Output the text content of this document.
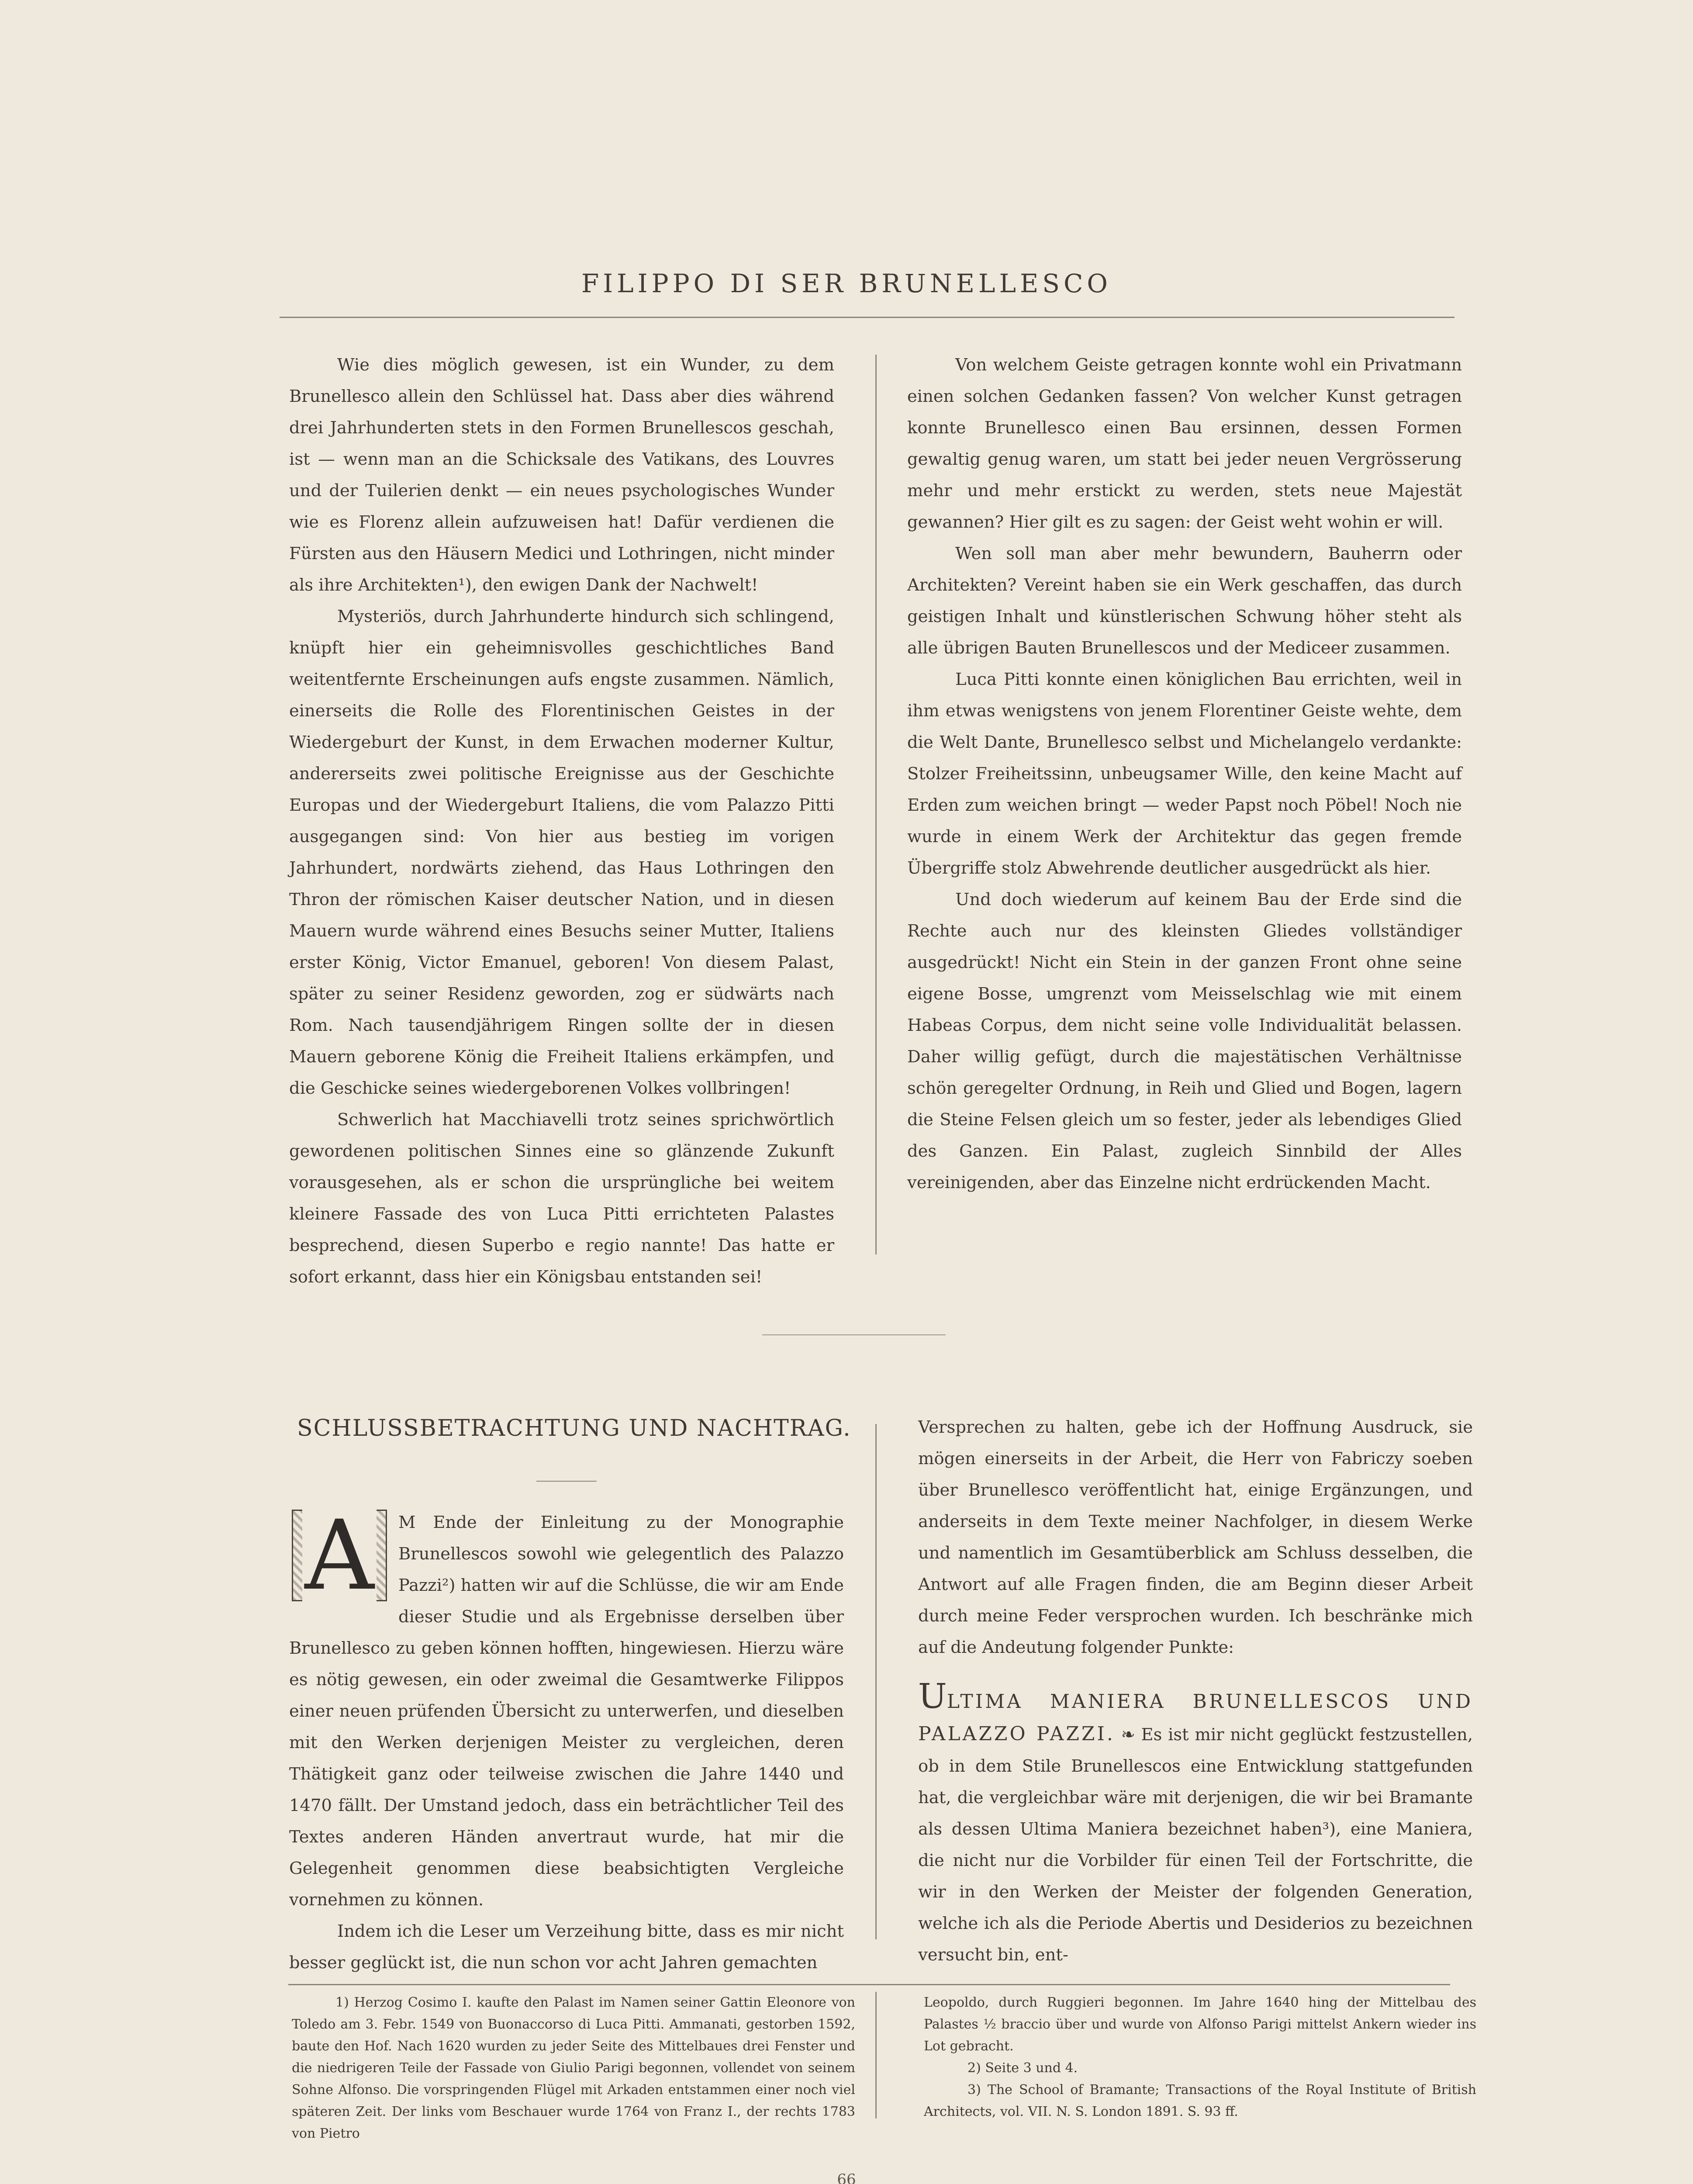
FILIPPO DI SER BRUNELLESCO

Wie dies möglich gewesen, ist ein Wunder, zu dem Brunellesco allein den Schlüssel hat. Dass aber dies während drei Jahrhunderten stets in den Formen Brunellescos geschah, ist — wenn man an die Schicksale des Vatikans, des Louvres und der Tuilerien denkt — ein neues psychologisches Wunder wie es Florenz allein aufzuweisen hat! Dafür verdienen die Fürsten aus den Häusern Medici und Lothringen, nicht minder als ihre Architekten¹), den ewigen Dank der Nachwelt!

Mysteriös, durch Jahrhunderte hindurch sich schlingend, knüpft hier ein geheimnisvolles geschichtliches Band weitentfernte Erscheinungen aufs engste zusammen. Nämlich, einerseits die Rolle des Florentinischen Geistes in der Wiedergeburt der Kunst, in dem Erwachen moderner Kultur, andererseits zwei politische Ereignisse aus der Geschichte Europas und der Wiedergeburt Italiens, die vom Palazzo Pitti ausgegangen sind: Von hier aus bestieg im vorigen Jahrhundert, nordwärts ziehend, das Haus Lothringen den Thron der römischen Kaiser deutscher Nation, und in diesen Mauern wurde während eines Besuchs seiner Mutter, Italiens erster König, Victor Emanuel, geboren! Von diesem Palast, später zu seiner Residenz geworden, zog er südwärts nach Rom. Nach tausendjährigem Ringen sollte der in diesen Mauern geborene König die Freiheit Italiens erkämpfen, und die Geschicke seines wiedergeborenen Volkes vollbringen!

Schwerlich hat Macchiavelli trotz seines sprichwörtlich gewordenen politischen Sinnes eine so glänzende Zukunft vorausgesehen, als er schon die ursprüngliche bei weitem kleinere Fassade des von Luca Pitti errichteten Palastes besprechend, diesen Superbo e regio nannte! Das hatte er sofort erkannt, dass hier ein Königsbau entstanden sei!

Von welchem Geiste getragen konnte wohl ein Privatmann einen solchen Gedanken fassen? Von welcher Kunst getragen konnte Brunellesco einen Bau ersinnen, dessen Formen gewaltig genug waren, um statt bei jeder neuen Vergrösserung mehr und mehr erstickt zu werden, stets neue Majestät gewannen? Hier gilt es zu sagen: der Geist weht wohin er will.

Wen soll man aber mehr bewundern, Bauherrn oder Architekten? Vereint haben sie ein Werk geschaffen, das durch geistigen Inhalt und künstlerischen Schwung höher steht als alle übrigen Bauten Brunellescos und der Mediceer zusammen.

Luca Pitti konnte einen königlichen Bau errichten, weil in ihm etwas wenigstens von jenem Florentiner Geiste wehte, dem die Welt Dante, Brunellesco selbst und Michelangelo verdankte: Stolzer Freiheitssinn, unbeugsamer Wille, den keine Macht auf Erden zum weichen bringt — weder Papst noch Pöbel! Noch nie wurde in einem Werk der Architektur das gegen fremde Übergriffe stolz Abwehrende deutlicher ausgedrückt als hier.

Und doch wiederum auf keinem Bau der Erde sind die Rechte auch nur des kleinsten Gliedes vollständiger ausgedrückt! Nicht ein Stein in der ganzen Front ohne seine eigene Bosse, umgrenzt vom Meisselschlag wie mit einem Habeas Corpus, dem nicht seine volle Individualität belassen. Daher willig gefügt, durch die majestätischen Verhältnisse schön geregelter Ordnung, in Reih und Glied und Bogen, lagern die Steine Felsen gleich um so fester, jeder als lebendiges Glied des Ganzen. Ein Palast, zugleich Sinnbild der Alles vereinigenden, aber das Einzelne nicht erdrückenden Macht.

SCHLUSSBETRACHTUNG UND NACHTRAG.
A	M Ende der Einleitung zu der Monographie Brunellescos sowohl wie gelegentlich des Palazzo Pazzi²) hatten wir auf die Schlüsse, die wir am Ende dieser Studie und als Ergebnisse derselben über Brunellesco zu geben können hofften, hingewiesen. Hierzu wäre es nötig gewesen, ein oder zweimal die Gesamtwerke Filippos einer neuen prüfenden Übersicht zu unterwerfen, und dieselben mit den Werken derjenigen Meister zu vergleichen, deren Thätigkeit ganz oder teilweise zwischen die Jahre 1440 und 1470 fällt. Der Umstand jedoch, dass ein beträchtlicher Teil des Textes anderen Händen anvertraut wurde, hat mir die Gelegenheit genommen diese beabsichtigten Vergleiche vornehmen zu können.

Indem ich die Leser um Verzeihung bitte, dass es mir nicht besser geglückt ist, die nun schon vor acht Jahren gemachten

Versprechen zu halten, gebe ich der Hoffnung Ausdruck, sie mögen einerseits in der Arbeit, die Herr von Fabriczy soeben über Brunellesco veröffentlicht hat, einige Ergänzungen, und anderseits in dem Texte meiner Nachfolger, in diesem Werke und namentlich im Gesamtüberblick am Schluss desselben, die Antwort auf alle Fragen finden, die am Beginn dieser Arbeit durch meine Feder versprochen wurden. Ich beschränke mich auf die Andeutung folgender Punkte:

ULTIMA MANIERA BRUNELLESCOS UND PALAZZO PAZZI. ❧ Es ist mir nicht geglückt festzustellen, ob in dem Stile Brunellescos eine Entwicklung stattgefunden hat, die vergleichbar wäre mit derjenigen, die wir bei Bramante als dessen Ultima Maniera bezeichnet haben³), eine Maniera, die nicht nur die Vorbilder für einen Teil der Fortschritte, die wir in den Werken der Meister der folgenden Generation, welche ich als die Periode Abertis und Desiderios zu bezeichnen versucht bin, ent-

1) Herzog Cosimo I. kaufte den Palast im Namen seiner Gattin Eleonore von Toledo am 3. Febr. 1549 von Buonaccorso di Luca Pitti. Ammanati, gestorben 1592, baute den Hof. Nach 1620 wurden zu jeder Seite des Mittelbaues drei Fenster und die niedrigeren Teile der Fassade von Giulio Parigi begonnen, vollendet von seinem Sohne Alfonso. Die vorspringenden Flügel mit Arkaden entstammen einer noch viel späteren Zeit. Der links vom Beschauer wurde 1764 von Franz I., der rechts 1783 von Pietro

Leopoldo, durch Ruggieri begonnen. Im Jahre 1640 hing der Mittelbau des Palastes ½ braccio über und wurde von Alfonso Parigi mittelst Ankern wieder ins Lot gebracht.

2) Seite 3 und 4.

3) The School of Bramante; Transactions of the Royal Institute of British Architects, vol. VII. N. S. London 1891. S. 93 ff.

66
